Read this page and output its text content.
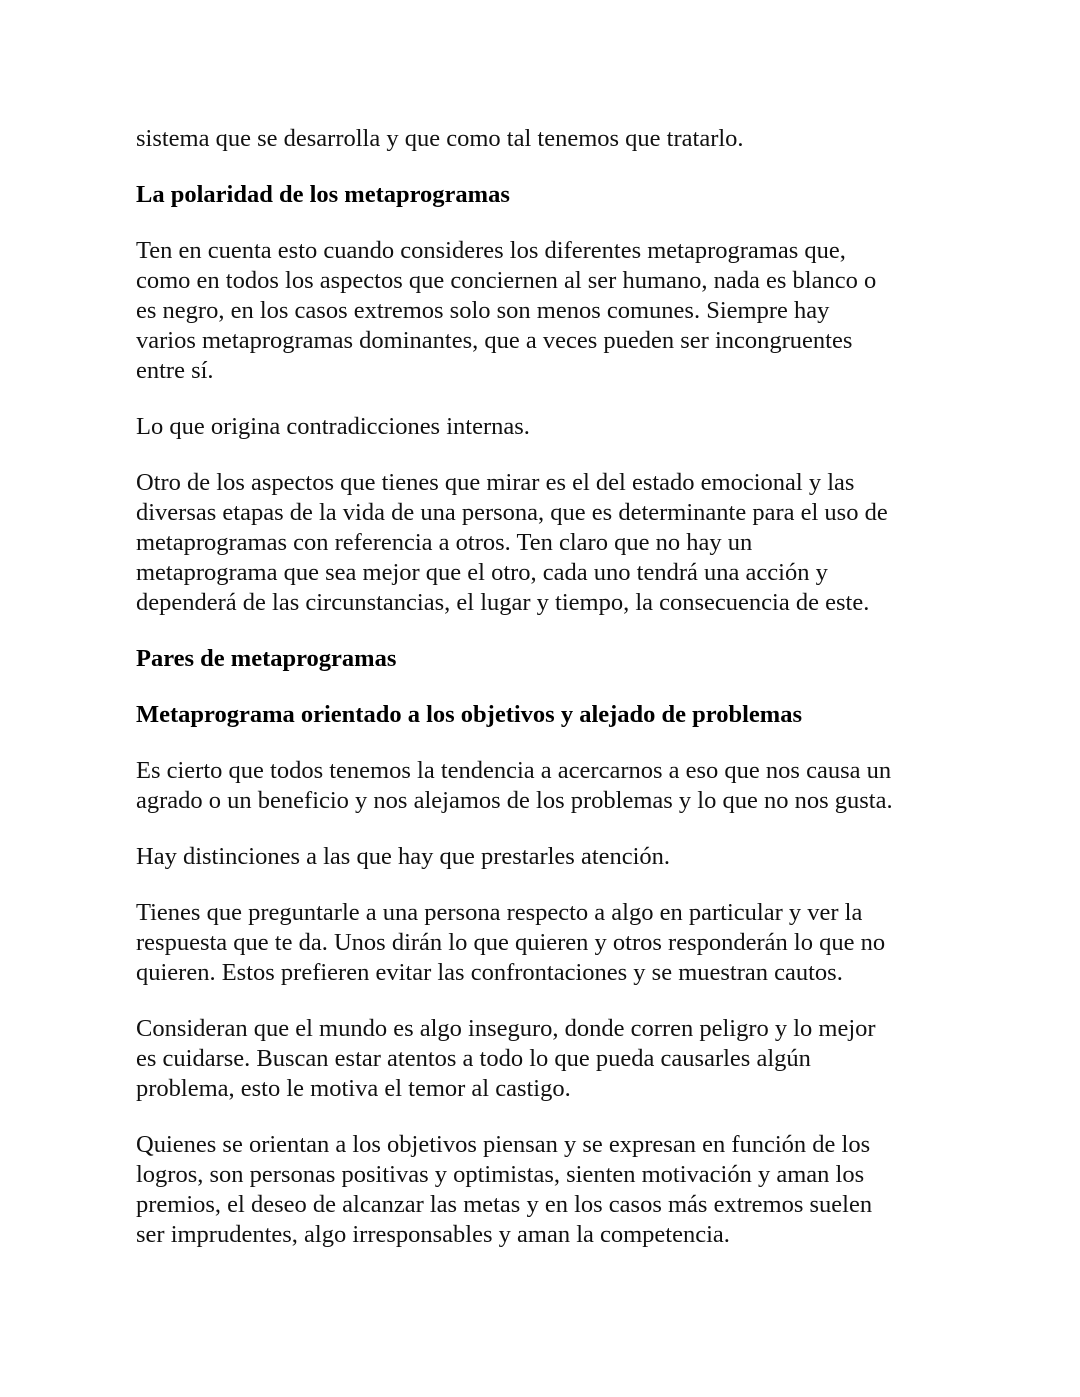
sistema que se desarrolla y que como tal tenemos que tratarlo.

La polaridad de los metaprogramas

Ten en cuenta esto cuando consideres los diferentes metaprogramas que,
como en todos los aspectos que conciernen al ser humano, nada es blanco o
es negro, en los casos extremos solo son menos comunes. Siempre hay
varios metaprogramas dominantes, que a veces pueden ser incongruentes
entre sí.

Lo que origina contradicciones internas.

Otro de los aspectos que tienes que mirar es el del estado emocional y las
diversas etapas de la vida de una persona, que es determinante para el uso de
metaprogramas con referencia a otros. Ten claro que no hay un
metaprograma que sea mejor que el otro, cada uno tendrá una acción y
dependerá de las circunstancias, el lugar y tiempo, la consecuencia de este.

Pares de metaprogramas
Metaprograma orientado a los objetivos y alejado de problemas

Es cierto que todos tenemos la tendencia a acercarnos a eso que nos causa un
agrado o un beneficio y nos alejamos de los problemas y lo que no nos gusta.

Hay distinciones a las que hay que prestarles atención.

Tienes que preguntarle a una persona respecto a algo en particular y ver la
respuesta que te da. Unos dirán lo que quieren y otros responderán lo que no
quieren. Estos prefieren evitar las confrontaciones y se muestran cautos.

Consideran que el mundo es algo inseguro, donde corren peligro y lo mejor
es cuidarse. Buscan estar atentos a todo lo que pueda causarles algún
problema, esto le motiva el temor al castigo.

Quienes se orientan a los objetivos piensan y se expresan en función de los
logros, son personas positivas y optimistas, sienten motivación y aman los
premios, el deseo de alcanzar las metas y en los casos más extremos suelen
ser imprudentes, algo irresponsables y aman la competencia.
